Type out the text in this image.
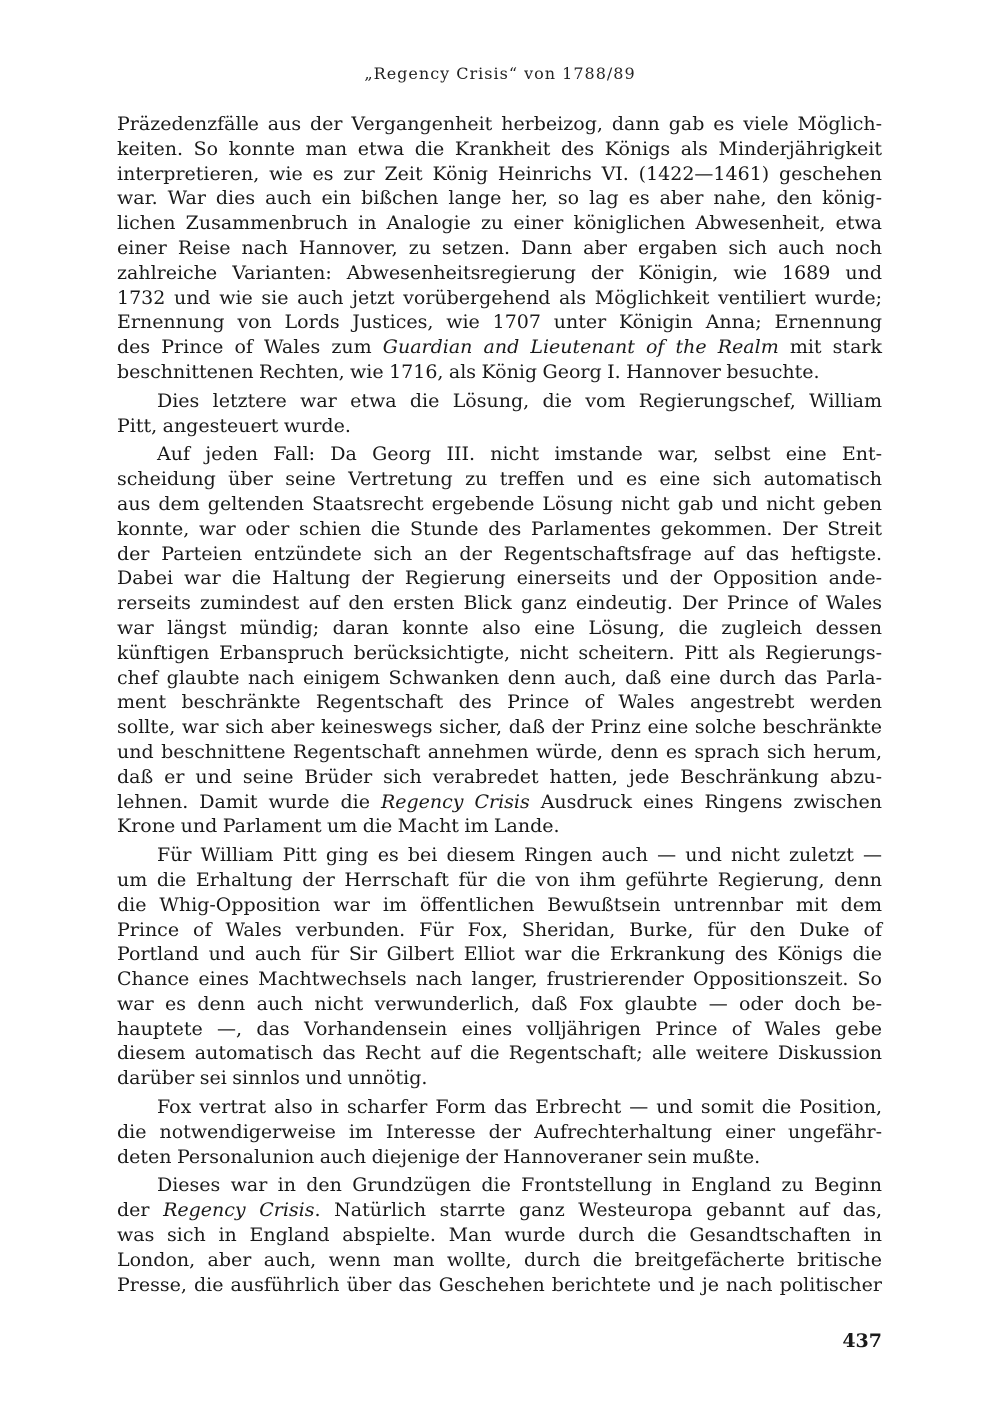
„Regency Crisis“ von 1788/89
Präzedenzfälle aus der Vergangenheit herbeizog, dann gab es viele Möglich-
keiten. So konnte man etwa die Krankheit des Königs als Minderjährigkeit
interpretieren, wie es zur Zeit König Heinrichs VI. (1422—1461) geschehen
war. War dies auch ein bißchen lange her, so lag es aber nahe, den könig-
lichen Zusammenbruch in Analogie zu einer königlichen Abwesenheit, etwa
einer Reise nach Hannover, zu setzen. Dann aber ergaben sich auch noch
zahlreiche Varianten: Abwesenheitsregierung der Königin, wie 1689 und
1732 und wie sie auch jetzt vorübergehend als Möglichkeit ventiliert wurde;
Ernennung von Lords Justices, wie 1707 unter Königin Anna; Ernennung
des Prince of Wales zum Guardian and Lieutenant of the Realm mit stark
beschnittenen Rechten, wie 1716, als König Georg I. Hannover besuchte.
Dies letztere war etwa die Lösung, die vom Regierungschef, William
Pitt, angesteuert wurde.
Auf jeden Fall: Da Georg III. nicht imstande war, selbst eine Ent-
scheidung über seine Vertretung zu treffen und es eine sich automatisch
aus dem geltenden Staatsrecht ergebende Lösung nicht gab und nicht geben
konnte, war oder schien die Stunde des Parlamentes gekommen. Der Streit
der Parteien entzündete sich an der Regentschaftsfrage auf das heftigste.
Dabei war die Haltung der Regierung einerseits und der Opposition ande-
rerseits zumindest auf den ersten Blick ganz eindeutig. Der Prince of Wales
war längst mündig; daran konnte also eine Lösung, die zugleich dessen
künftigen Erbanspruch berücksichtigte, nicht scheitern. Pitt als Regierungs-
chef glaubte nach einigem Schwanken denn auch, daß eine durch das Parla-
ment beschränkte Regentschaft des Prince of Wales angestrebt werden
sollte, war sich aber keineswegs sicher, daß der Prinz eine solche beschränkte
und beschnittene Regentschaft annehmen würde, denn es sprach sich herum,
daß er und seine Brüder sich verabredet hatten, jede Beschränkung abzu-
lehnen. Damit wurde die Regency Crisis Ausdruck eines Ringens zwischen
Krone und Parlament um die Macht im Lande.
Für William Pitt ging es bei diesem Ringen auch — und nicht zuletzt —
um die Erhaltung der Herrschaft für die von ihm geführte Regierung, denn
die Whig-Opposition war im öffentlichen Bewußtsein untrennbar mit dem
Prince of Wales verbunden. Für Fox, Sheridan, Burke, für den Duke of
Portland und auch für Sir Gilbert Elliot war die Erkrankung des Königs die
Chance eines Machtwechsels nach langer, frustrierender Oppositionszeit. So
war es denn auch nicht verwunderlich, daß Fox glaubte — oder doch be-
hauptete —, das Vorhandensein eines volljährigen Prince of Wales gebe
diesem automatisch das Recht auf die Regentschaft; alle weitere Diskussion
darüber sei sinnlos und unnötig.
Fox vertrat also in scharfer Form das Erbrecht — und somit die Position,
die notwendigerweise im Interesse der Aufrechterhaltung einer ungefähr-
deten Personalunion auch diejenige der Hannoveraner sein mußte.
Dieses war in den Grundzügen die Frontstellung in England zu Beginn
der Regency Crisis. Natürlich starrte ganz Westeuropa gebannt auf das,
was sich in England abspielte. Man wurde durch die Gesandtschaften in
London, aber auch, wenn man wollte, durch die breitgefächerte britische
Presse, die ausführlich über das Geschehen berichtete und je nach politischer
437
